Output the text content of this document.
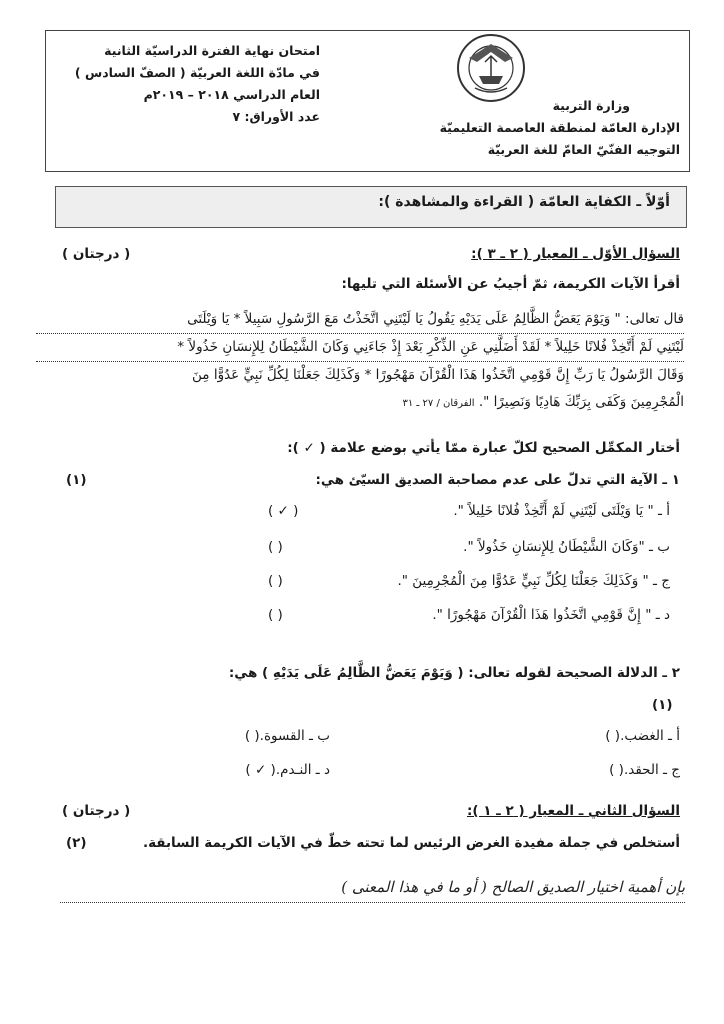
امتحان نهاية الفترة الدراسيّة الثانية
في مادّة اللغة العربيّة ( الصفّ السادس )
العام الدراسي ٢٠١٨ – ٢٠١٩م
عدد الأوراق: ٧
وزارة التربية
الإدارة العامّة لمنطقة العاصمة التعليميّة
التوجيه الفنّيّ العامّ للغة العربيّة
أوّلاً ـ الكفاية العامّة ( القراءة والمشاهدة ):
السؤال الأوّل ـ المعيار ( ٢ ـ ٣ ):
( درجتان )
أقرأ الآيات الكريمة، ثمّ أجيبُ عن الأسئلة التي تليها:
قال تعالى: " وَيَوْمَ يَعَضُّ الظَّالِمُ عَلَى يَدَيْهِ يَقُولُ يَا لَيْتَنِي اتَّخَذْتُ مَعَ الرَّسُولِ سَبِيلاً * يَا وَيْلَتَى
لَيْتَنِي لَمْ أَتَّخِذْ فُلانًا خَلِيلاً * لَقَدْ أَضَلَّنِي عَنِ الذِّكْرِ بَعْدَ إِذْ جَاءَنِي وَكَانَ الشَّيْطَانُ لِلإِنسَانِ خَذُولاً *
وَقَالَ الرَّسُولُ يَا رَبِّ إِنَّ قَوْمِي اتَّخَذُوا هَذَا الْقُرْآنَ مَهْجُورًا * وَكَذَلِكَ جَعَلْنَا لِكُلِّ نَبِيٍّ عَدُوًّا مِنَ
الْمُجْرِمِينَ وَكَفَى بِرَبِّكَ هَادِيًا وَنَصِيرًا ". الفرقان / ٢٧ ـ ٣١
أختار المكمِّل الصحيح لكلّ عبارة ممّا يأتي بوضع علامة ( ✓ ):
١ ـ الآية التي تدلّ على عدم مصاحبة الصديق السيّئ هي:
(١)
أ ـ " يَا وَيْلَتَى لَيْتَنِي لَمْ أَتَّخِذْ فُلانًا خَلِيلاً ".
( ✓ )
ب ـ "وَكَانَ الشَّيْطَانُ لِلإِنسَانِ خَذُولاً ".
( )
ج ـ " وَكَذَلِكَ جَعَلْنَا لِكُلِّ نَبِيٍّ عَدُوًّا مِنَ الْمُجْرِمِينَ ".
( )
د ـ " إِنَّ قَوْمِي اتَّخَذُوا هَذَا الْقُرْآنَ مَهْجُورًا ".
( )
٢ ـ الدلالة الصحيحة لقوله تعالى: ( وَيَوْمَ يَعَضُّ الظَّالِمُ عَلَى يَدَيْهِ ) هي:
(١)
أ ـ الغضب.( )
ب ـ القسوة.( )
ج ـ الحقد.( )
د ـ النـدم.( ✓ )
السؤال الثاني ـ المعيار ( ٢ ـ ١ ):
( درجتان )
أستخلص في جملة مفيدة الغرض الرئيس لما تحته خطّ في الآيات الكريمة السابقة.
(٢)
بإن أهمية اختيار الصديق الصالح ( أو ما في هذا المعنى )
